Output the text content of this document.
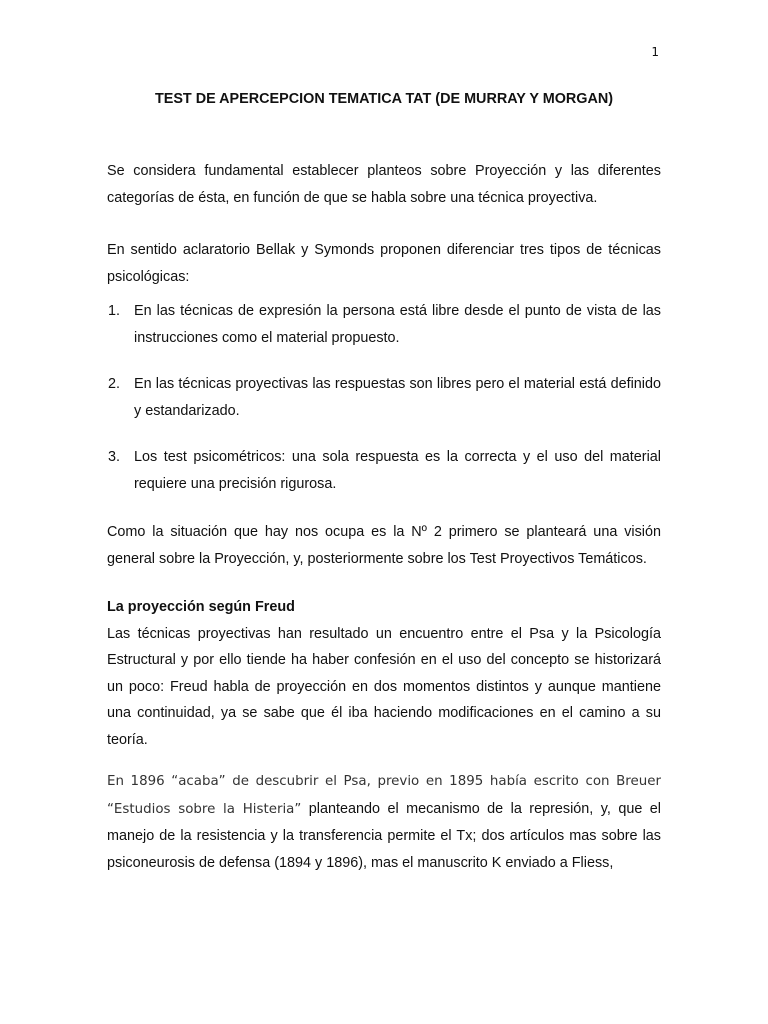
1
TEST DE APERCEPCION TEMATICA TAT (DE MURRAY Y MORGAN)

Se considera fundamental establecer planteos sobre Proyección y las diferentes categorías de ésta, en función de que se habla sobre una técnica proyectiva.

En sentido aclaratorio Bellak y Symonds proponen diferenciar tres tipos de técnicas psicológicas:

1. En las técnicas de expresión la persona está libre desde el punto de vista de las instrucciones como el material propuesto.
2. En las técnicas proyectivas las respuestas son libres pero el material está definido y estandarizado.
3. Los test psicométricos: una sola respuesta es la correcta y el uso del material requiere una precisión rigurosa.

Como la situación que hay nos ocupa es la Nº 2 primero se planteará una visión general sobre la Proyección, y, posteriormente sobre los Test Proyectivos Temáticos.

La proyección según Freud

Las técnicas proyectivas han resultado un encuentro entre el Psa y la Psicología Estructural y por ello tiende ha haber confesión en el uso del concepto se historizará un poco: Freud habla de proyección en dos momentos distintos y aunque mantiene una continuidad, ya se sabe que él iba haciendo modificaciones en el camino a su teoría.

En 1896 “acaba” de descubrir el Psa, previo en 1895 había escrito con Breuer “Estudios sobre la Histeria” planteando el mecanismo de la represión, y, que el manejo de la resistencia y la transferencia permite el Tx; dos artículos mas sobre las psiconeurosis de defensa (1894 y 1896), mas el manuscrito K enviado a Fliess,
